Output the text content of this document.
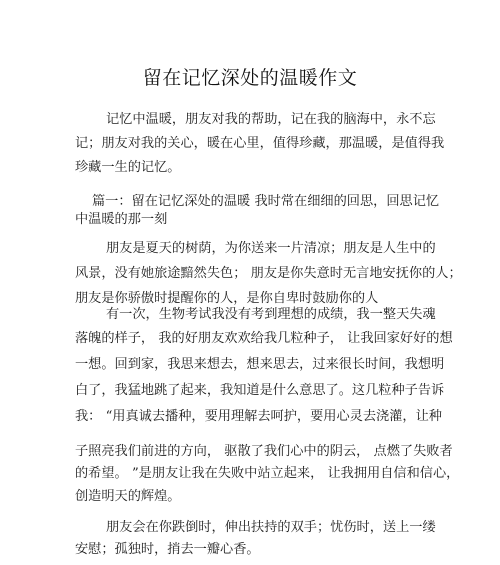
留在记忆深处的温暖作文
记忆中温暖，朋友对我的帮助，记在我的脑海中，永不忘
记；朋友对我的关心，暖在心里，值得珍藏，那温暖，是值得我
珍藏一生的记忆。
篇一：留在记忆深处的温暖 我时常在细细的回思，回思记忆
中温暖的那一刻
朋友是夏天的树荫，为你送来一片清凉；朋友是人生中的
风景，没有她旅途黯然失色； 朋友是你失意时无言地安抚你的人；
朋友是你骄傲时提醒你的人，是你自卑时鼓励你的人
有一次，生物考试我没有考到理想的成绩，我一整天失魂
落魄的样子， 我的好朋友欢欢给我几粒种子， 让我回家好好的想
一想。回到家，我思来想去，想来思去，过来很长时间，我想明
白了，我猛地跳了起来，我知道是什么意思了。这几粒种子告诉
我： “用真诚去播种，要用理解去呵护，要用心灵去浇灌，让种
子照亮我们前进的方向， 驱散了我们心中的阴云， 点燃了失败者
的希望。 ”是朋友让我在失败中站立起来， 让我拥用自信和信心，
创造明天的辉煌。
朋友会在你跌倒时，伸出扶持的双手；忧伤时，送上一缕
安慰；孤独时，捎去一瓣心香。
